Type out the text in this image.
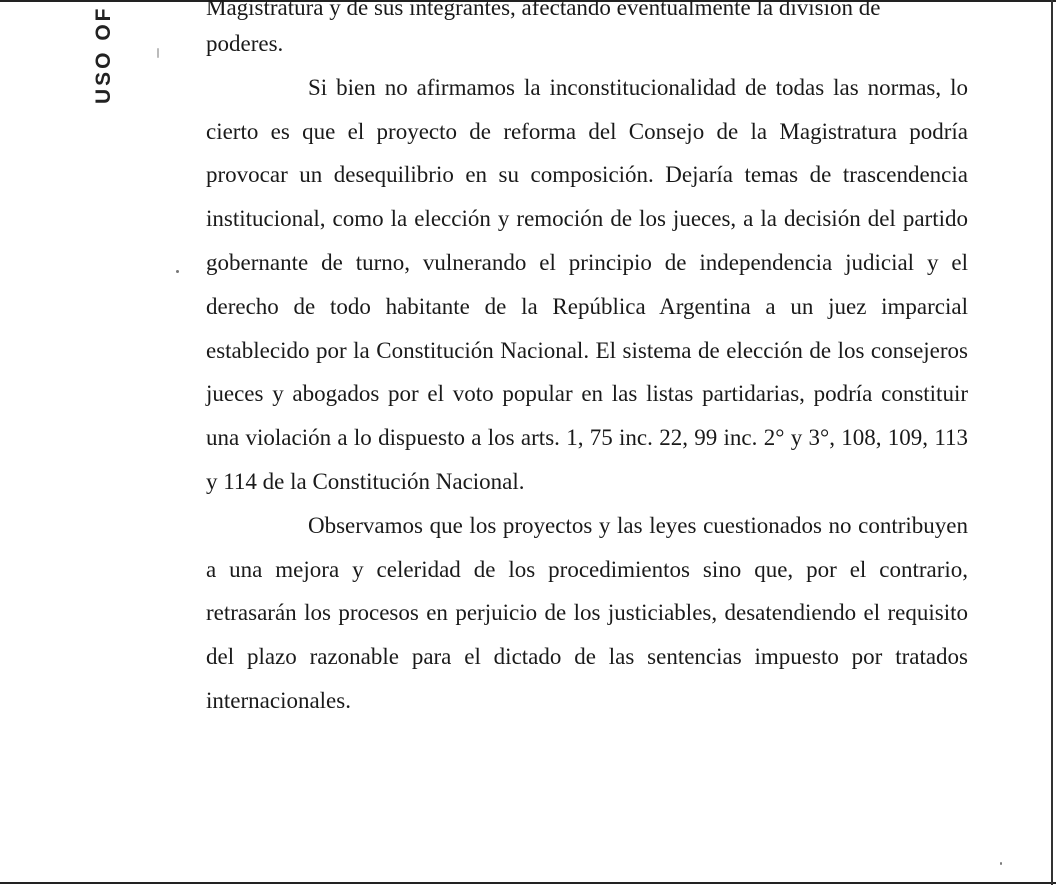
USO OF	Magistratura y de sus integrantes, afectando eventualmente la división de

poderes.

Si bien no afirmamos la inconstitucionalidad de todas las normas, lo cierto es que el proyecto de reforma del Consejo de la Magistratura podría provocar un desequilibrio en su composición. Dejaría temas de trascendencia institucional, como la elección y remoción de los jueces, a la decisión del partido gobernante de turno, vulnerando el principio de independencia judicial y el derecho de todo habitante de la República Argentina a un juez imparcial establecido por la Constitución Nacional. El sistema de elección de los consejeros jueces y abogados por el voto popular en las listas partidarias, podría constituir una violación a lo dispuesto a los arts. 1, 75 inc. 22, 99 inc. 2° y 3°, 108, 109, 113 y 114 de la Constitución Nacional.

Observamos que los proyectos y las leyes cuestionados no contribuyen a una mejora y celeridad de los procedimientos sino que, por el contrario, retrasarán los procesos en perjuicio de los justiciables, desatendiendo el requisito del plazo razonable para el dictado de las sentencias impuesto por tratados internacionales.
